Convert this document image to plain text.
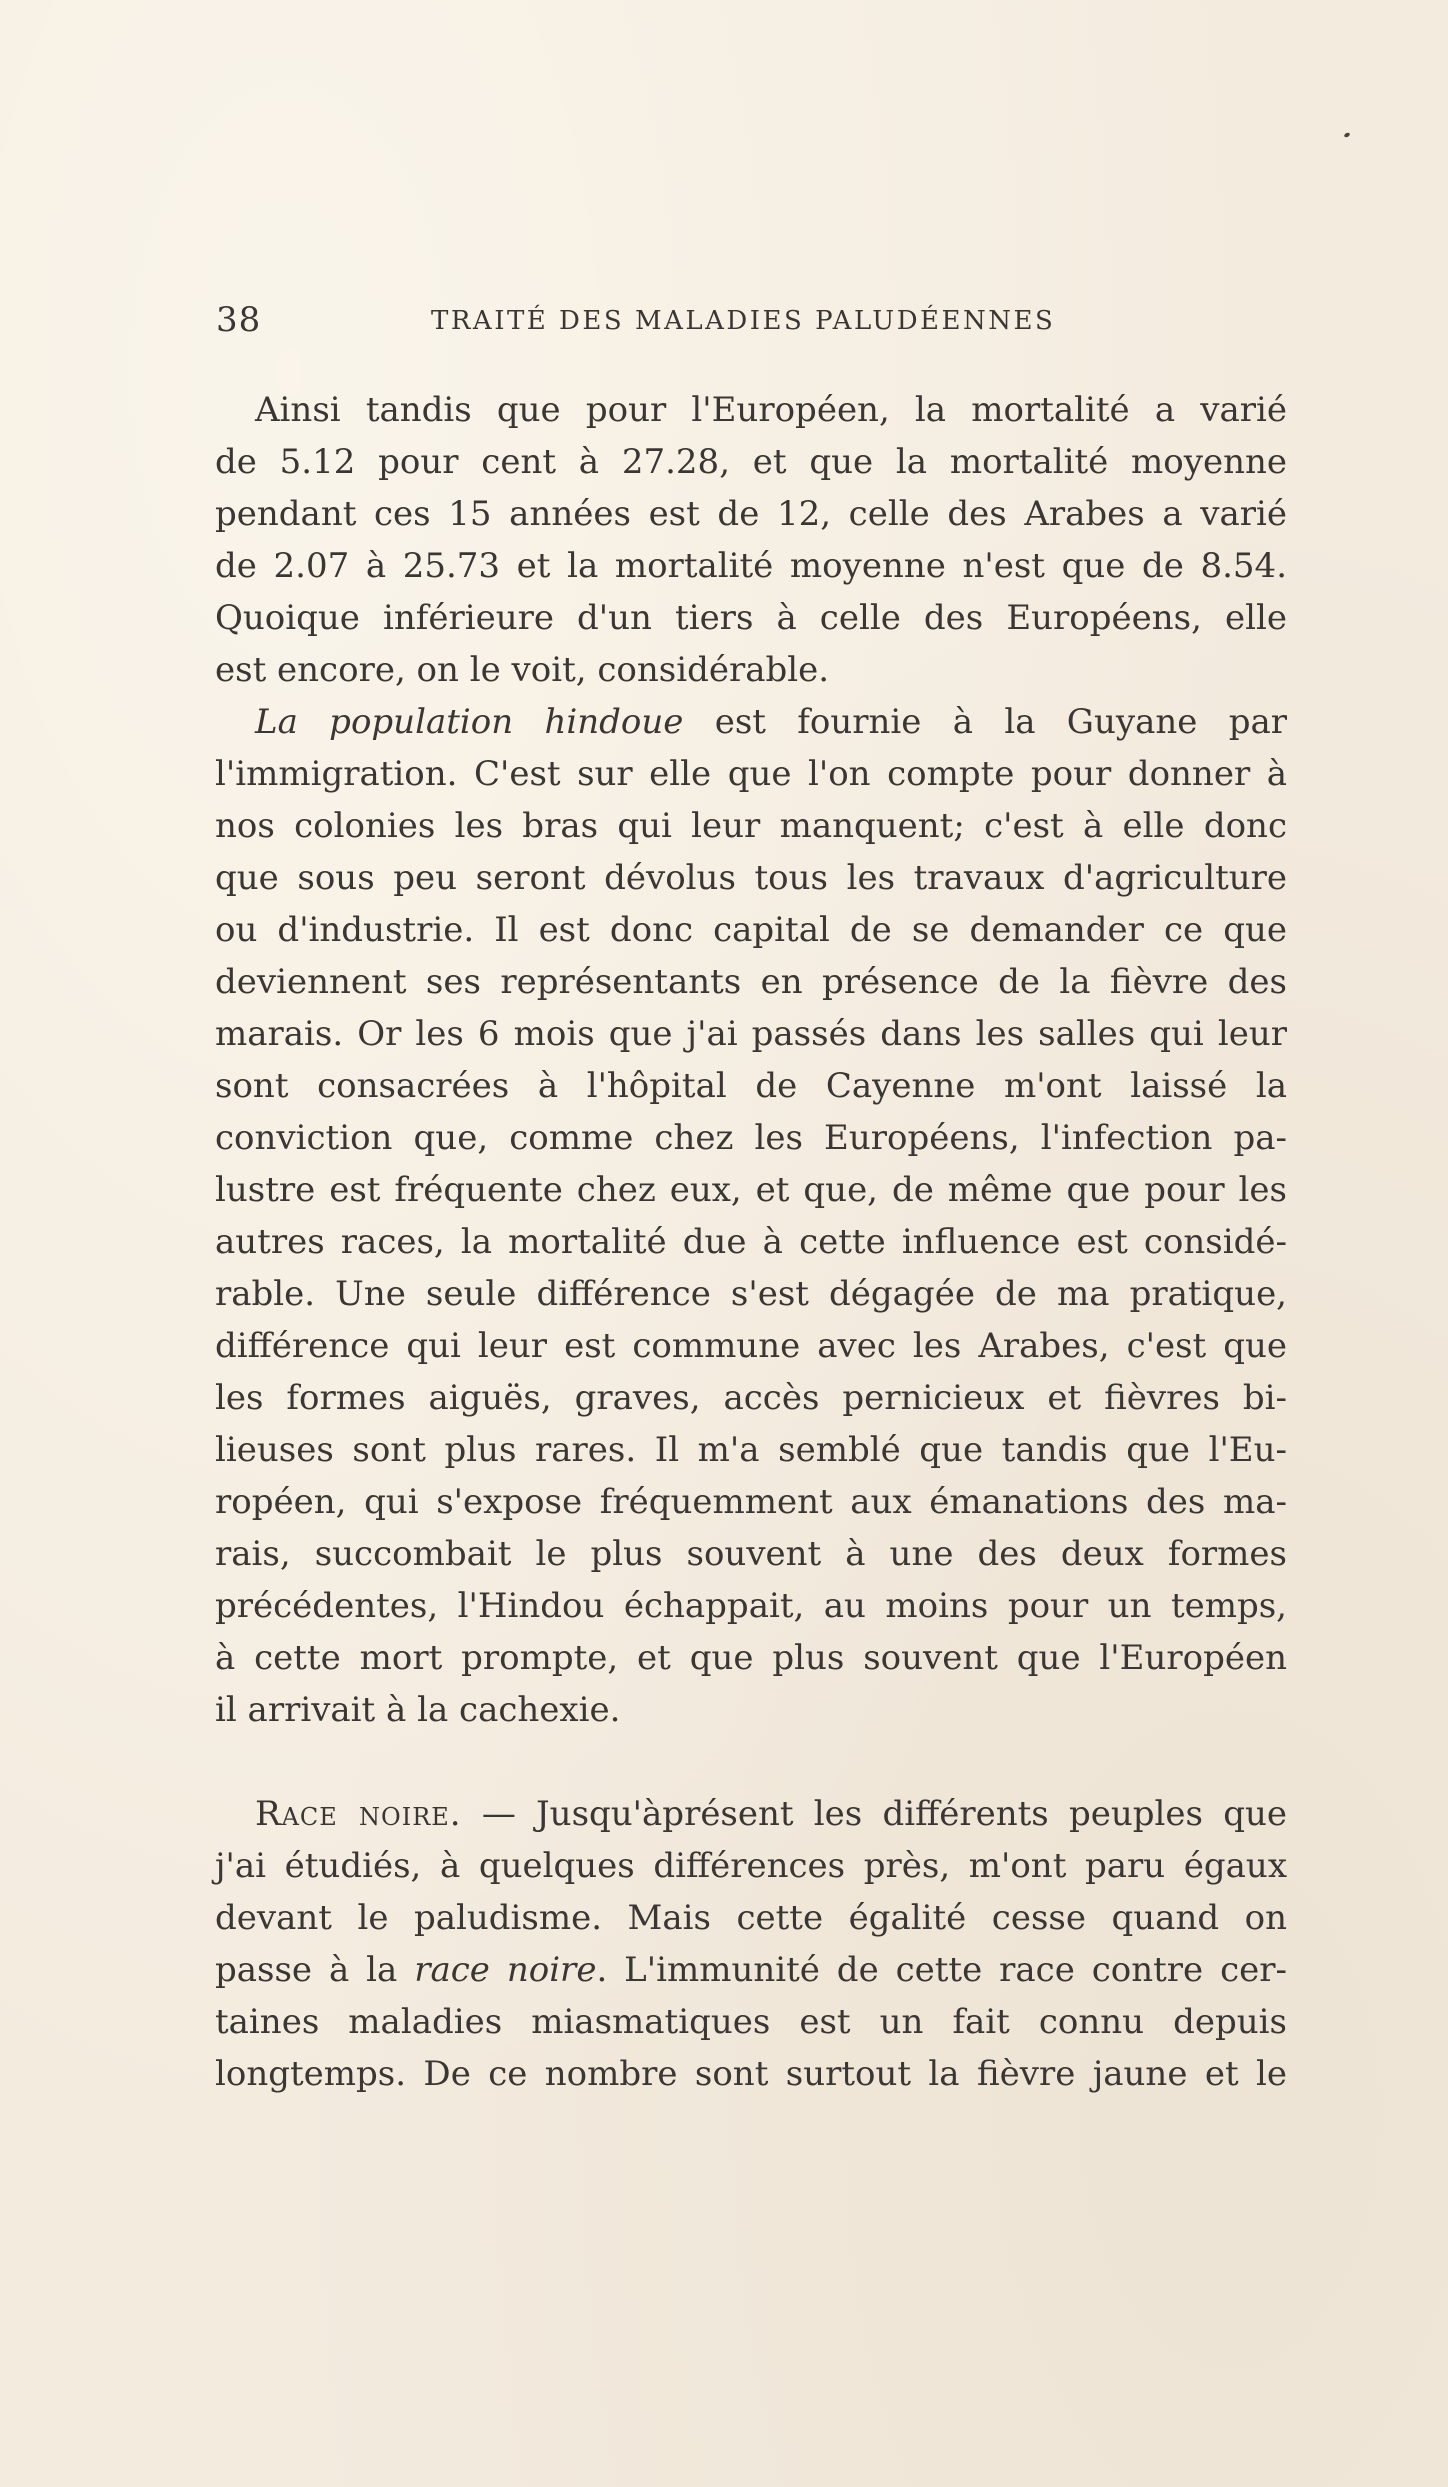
38	TRAITÉ DES MALADIES PALUDÉENNES
Ainsi tandis que pour l'Européen, la mortalité a varié
de 5.12 pour cent à 27.28, et que la mortalité moyenne
pendant ces 15 années est de 12, celle des Arabes a varié
de 2.07 à 25.73 et la mortalité moyenne n'est que de 8.54.
Quoique inférieure d'un tiers à celle des Européens, elle
est encore, on le voit, considérable.
La population hindoue est fournie à la Guyane par
l'immigration. C'est sur elle que l'on compte pour donner à
nos colonies les bras qui leur manquent; c'est à elle donc
que sous peu seront dévolus tous les travaux d'agriculture
ou d'industrie. Il est donc capital de se demander ce que
deviennent ses représentants en présence de la fièvre des
marais. Or les 6 mois que j'ai passés dans les salles qui leur
sont consacrées à l'hôpital de Cayenne m'ont laissé la
conviction que, comme chez les Européens, l'infection pa-
lustre est fréquente chez eux, et que, de même que pour les
autres races, la mortalité due à cette influence est considé-
rable. Une seule différence s'est dégagée de ma pratique,
différence qui leur est commune avec les Arabes, c'est que
les formes aiguës, graves, accès pernicieux et fièvres bi-
lieuses sont plus rares. Il m'a semblé que tandis que l'Eu-
ropéen, qui s'expose fréquemment aux émanations des ma-
rais, succombait le plus souvent à une des deux formes
précédentes, l'Hindou échappait, au moins pour un temps,
à cette mort prompte, et que plus souvent que l'Européen
il arrivait à la cachexie.
Race noire. — Jusqu'àprésent les différents peuples que
j'ai étudiés, à quelques différences près, m'ont paru égaux
devant le paludisme. Mais cette égalité cesse quand on
passe à la race noire. L'immunité de cette race contre cer-
taines maladies miasmatiques est un fait connu depuis
longtemps. De ce nombre sont surtout la fièvre jaune et le
